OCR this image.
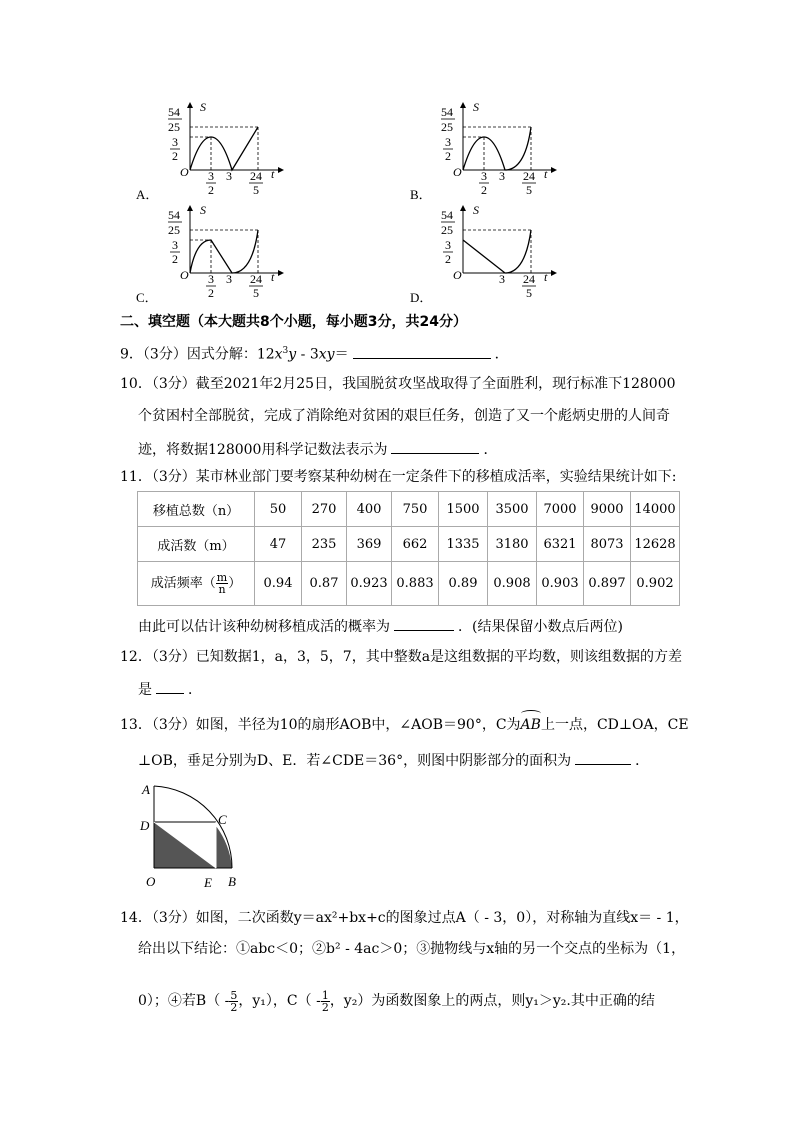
54
25
S
3
2
O	t
3
2
3 24
5
A．
54
25
S
3
2
O	t
3
2
3 24
5
B．
54
25
S
3
2
O	t
3
2
3 24
5
C．
54
25
S
3
2
O	t
3 24
5
D．
二、填空题（本大题共8个小题，每小题3分，共24分）
9．（3分）因式分解：$12x^3y - 3xy=$	．
10．（3分）截至2021年2月25日，我国脱贫攻坚战取得了全面胜利，现行标准下128000
个贫困村全部脱贫，完成了消除绝对贫困的艰巨任务，创造了又一个彪炳史册的人间奇
迹，将数据128000用科学记数法表示为	．
11．（3分）某市林业部门要考察某种幼树在一定条件下的移植成活率，实验结果统计如下:
移植总数（n）	50	270	400	750	1500	3500	7000	9000	14000
成活数（m）	47	235	369	662	1335	3180	6321	8073	12628
成活频率（ $\frac{m}{n}$ ）	0.94	0.87	0.923	0.883	0.89	0.908	0.903	0.897	0.902
由此可以估计该种幼树移植成活的概率为	．(结果保留小数点后两位)
12．（3分）已知数据1，a，3，5，7，其中整数a是这组数据的平均数，则该组数据的方差
是	．
13．（3分）如图，半径为10的扇形AOB中，∠AOB＝90°，C为AB
上一点，CD⊥OA，CE
⊥OB，垂足分别为D、E．若∠CDE＝36°，则图中阴影部分的面积为	．
A
C
D
O	E B
14．（3分）如图，二次函数y＝ax²+bx+c的图象过点A（ - 3，0），对称轴为直线x＝ - 1，
给出以下结论：①abc＜0；②b² - 4ac＞0；③抛物线与x轴的另一个交点的坐标为（1，
0）；④若$B( - \frac{5}{2}$ ，y₁），$C( - \frac{1}{2}$ ，y₂）为函数图象上的两点，则y₁＞y₂.其中正确的结
